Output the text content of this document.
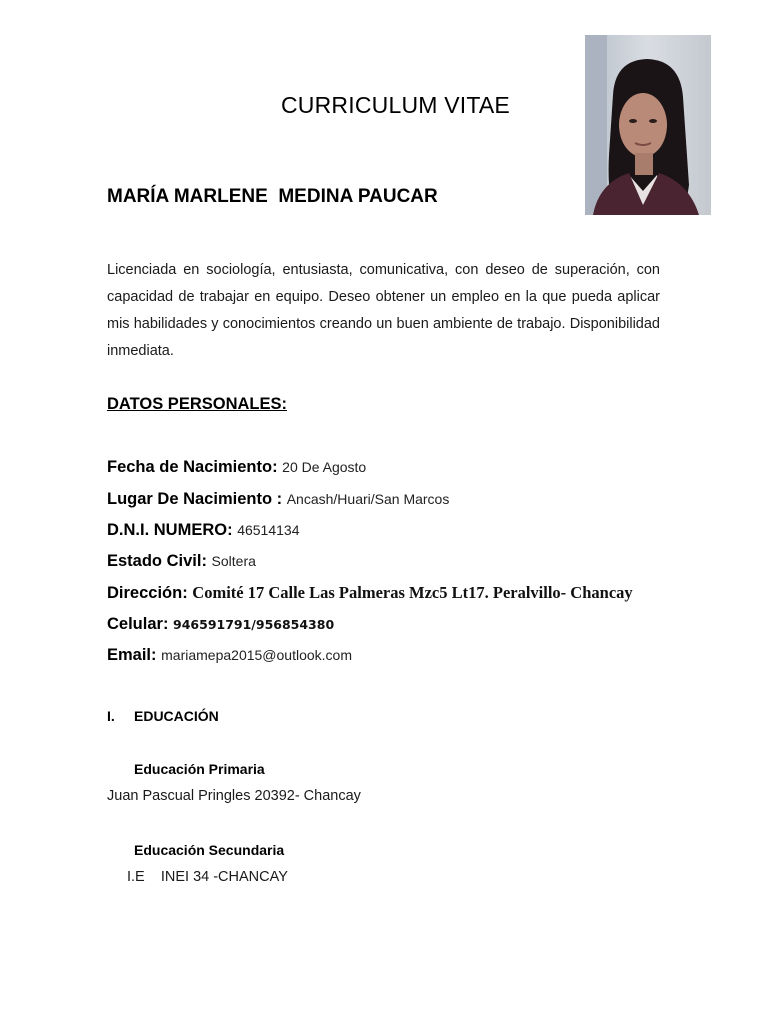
CURRICULUM VITAE
MARÍA MARLENE  MEDINA PAUCAR
Licenciada en sociología, entusiasta, comunicativa, con deseo de superación, con capacidad de trabajar en equipo. Deseo obtener un empleo en la que pueda aplicar mis habilidades y conocimientos creando un buen ambiente de trabajo. Disponibilidad inmediata.
DATOS PERSONALES:
Fecha de Nacimiento: 20 De Agosto
Lugar De Nacimiento : Ancash/Huari/San Marcos
D.N.I. NUMERO: 46514134
Estado Civil: Soltera
Dirección: Comité 17 Calle Las Palmeras Mzc5 Lt17. Peralvillo- Chancay
Celular: 946591791/956854380
Email: mariamepa2015@outlook.com
I. EDUCACIÓN
Educación Primaria
Juan Pascual Pringles 20392- Chancay
Educación Secundaria
I.E    INEI 34 -CHANCAY
